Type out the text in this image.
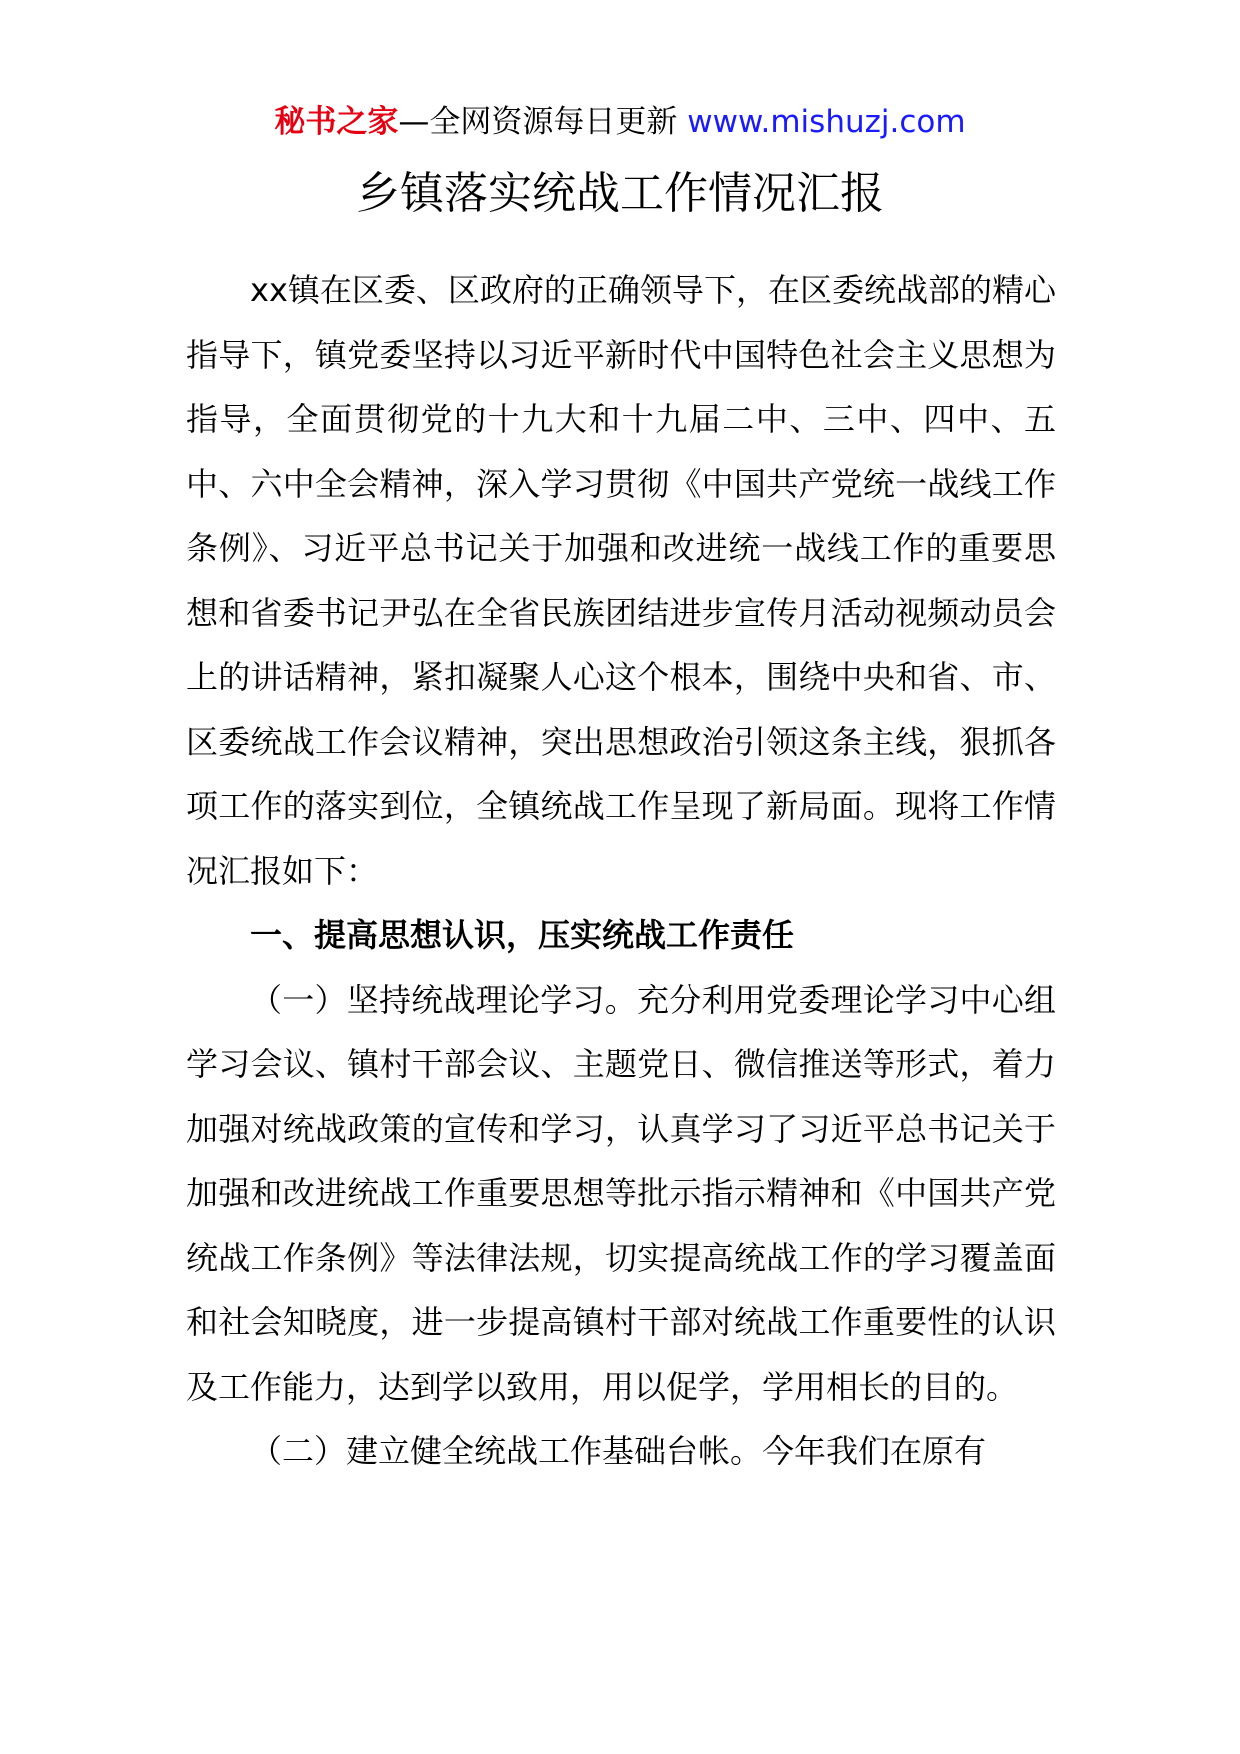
秘书之家—全网资源每日更新 www.mishuzj.com
乡镇落实统战工作情况汇报

xx镇在区委、区政府的正确领导下，在区委统战部的精心指导下，镇党委坚持以习近平新时代中国特色社会主义思想为指导，全面贯彻党的十九大和十九届二中、三中、四中、五中、六中全会精神，深入学习贯彻《中国共产党统一战线工作条例》、习近平总书记关于加强和改进统一战线工作的重要思想和省委书记尹弘在全省民族团结进步宣传月活动视频动员会上的讲话精神，紧扣凝聚人心这个根本，围绕中央和省、市、区委统战工作会议精神，突出思想政治引领这条主线，狠抓各项工作的落实到位，全镇统战工作呈现了新局面。现将工作情况汇报如下：

一、提高思想认识，压实统战工作责任

（一）坚持统战理论学习。充分利用党委理论学习中心组学习会议、镇村干部会议、主题党日、微信推送等形式，着力加强对统战政策的宣传和学习，认真学习了习近平总书记关于加强和改进统战工作重要思想等批示指示精神和《中国共产党统战工作条例》等法律法规，切实提高统战工作的学习覆盖面和社会知晓度，进一步提高镇村干部对统战工作重要性的认识及工作能力，达到学以致用，用以促学，学用相长的目的。

（二）建立健全统战工作基础台帐。今年我们在原有
